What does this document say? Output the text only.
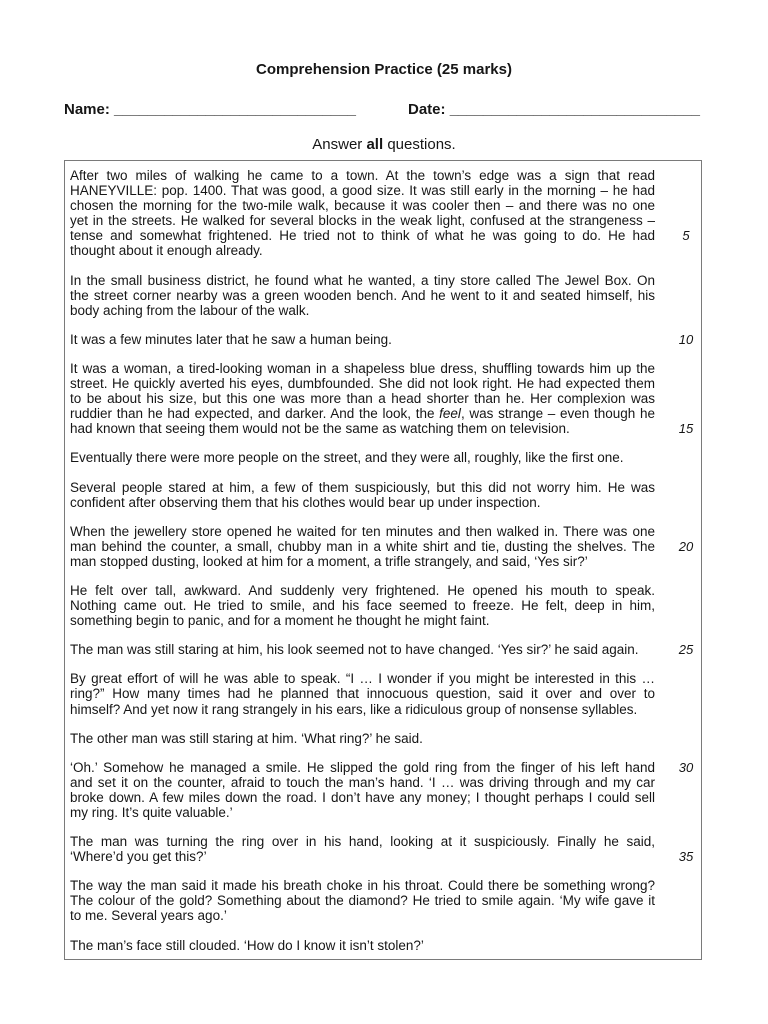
Comprehension Practice (25 marks)
Name: _____________________________	Date: ______________________________
Answer all questions.
After two miles of walking he came to a town. At the town’s edge was a sign that read
HANEYVILLE: pop. 1400. That was good, a good size. It was still early in the morning – he had
chosen the morning for the two-mile walk, because it was cooler then – and there was no one
yet in the streets. He walked for several blocks in the weak light, confused at the strangeness –
tense and somewhat frightened. He tried not to think of what he was going to do. He had	5
thought about it enough already.
In the small business district, he found what he wanted, a tiny store called The Jewel Box. On
the street corner nearby was a green wooden bench. And he went to it and seated himself, his
body aching from the labour of the walk.
It was a few minutes later that he saw a human being.	10
It was a woman, a tired-looking woman in a shapeless blue dress, shuffling towards him up the
street. He quickly averted his eyes, dumbfounded. She did not look right. He had expected them
to be about his size, but this one was more than a head shorter than he. Her complexion was
ruddier than he had expected, and darker. And the look, the feel, was strange – even though he
had known that seeing them would not be the same as watching them on television.	15
Eventually there were more people on the street, and they were all, roughly, like the first one.
Several people stared at him, a few of them suspiciously, but this did not worry him. He was
confident after observing them that his clothes would bear up under inspection.
When the jewellery store opened he waited for ten minutes and then walked in. There was one
man behind the counter, a small, chubby man in a white shirt and tie, dusting the shelves. The	20
man stopped dusting, looked at him for a moment, a trifle strangely, and said, ‘Yes sir?’
He felt over tall, awkward. And suddenly very frightened. He opened his mouth to speak.
Nothing came out. He tried to smile, and his face seemed to freeze. He felt, deep in him,
something begin to panic, and for a moment he thought he might faint.
The man was still staring at him, his look seemed not to have changed. ‘Yes sir?’ he said again.	25
By great effort of will he was able to speak. “I … I wonder if you might be interested in this …
ring?” How many times had he planned that innocuous question, said it over and over to
himself? And yet now it rang strangely in his ears, like a ridiculous group of nonsense syllables.
The other man was still staring at him. ‘What ring?’ he said.
‘Oh.’ Somehow he managed a smile. He slipped the gold ring from the finger of his left hand	30
and set it on the counter, afraid to touch the man’s hand. ‘I … was driving through and my car
broke down. A few miles down the road. I don’t have any money; I thought perhaps I could sell
my ring. It’s quite valuable.’
The man was turning the ring over in his hand, looking at it suspiciously. Finally he said,
‘Where’d you get this?’	35
The way the man said it made his breath choke in his throat. Could there be something wrong?
The colour of the gold? Something about the diamond? He tried to smile again. ‘My wife gave it
to me. Several years ago.’
The man’s face still clouded. ‘How do I know it isn’t stolen?’
